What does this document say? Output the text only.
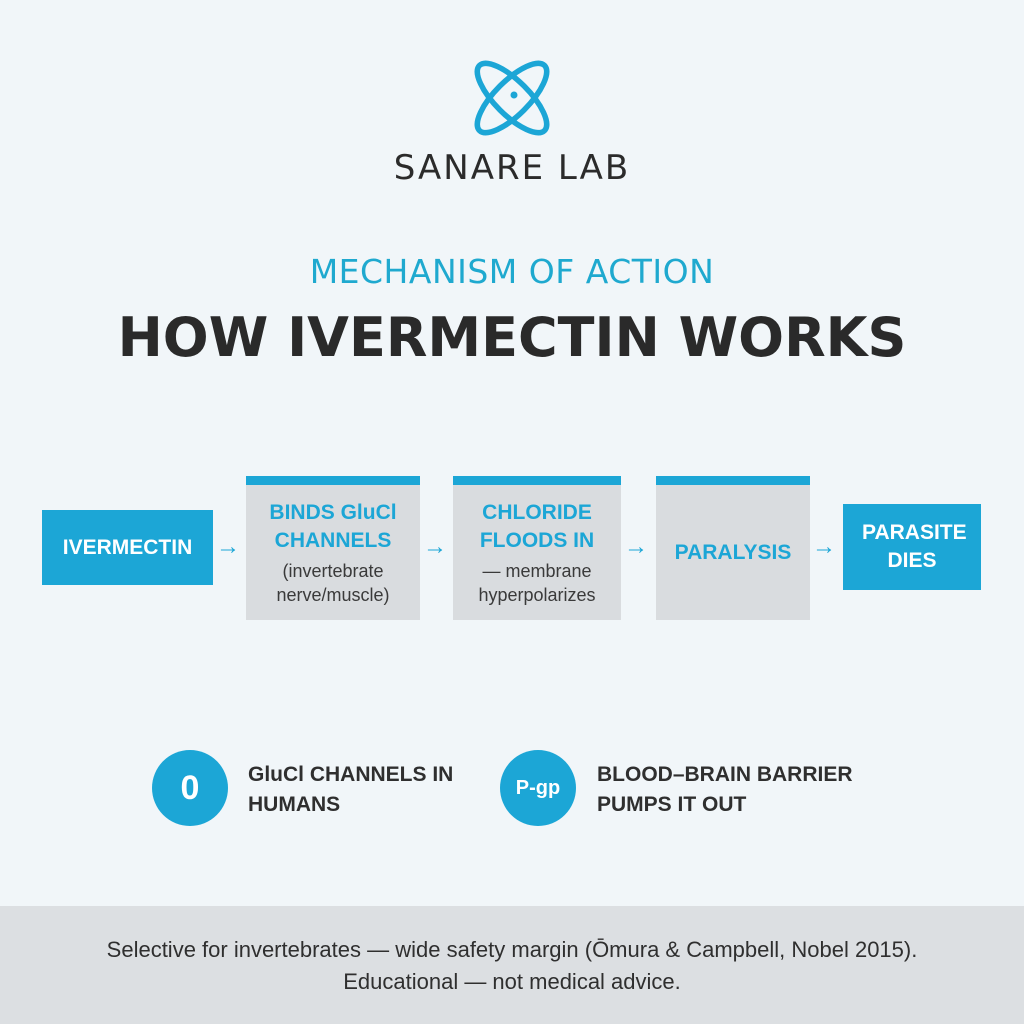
SANARE LAB
MECHANISM OF ACTION
HOW IVERMECTIN WORKS
IVERMECTIN →
BINDS GluCl CHANNELS
(invertebrate nerve/muscle)
→
CHLORIDE FLOODS IN
— membrane hyperpolarizes
→ PARALYSIS →
PARASITE DIES
0 GluCl CHANNELS IN HUMANS
P-gp
BLOOD–BRAIN BARRIER PUMPS IT OUT
Selective for invertebrates — wide safety margin (Ōmura & Campbell, Nobel 2015).
Educational — not medical advice.
